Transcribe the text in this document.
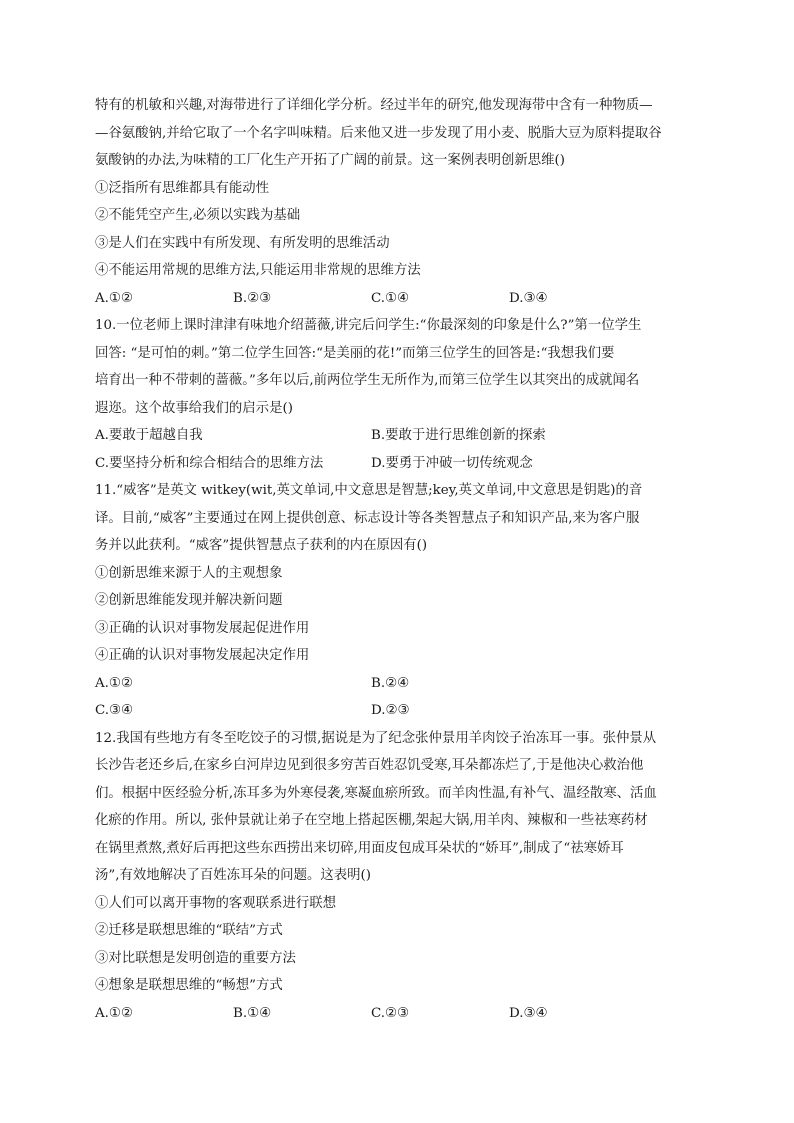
特有的机敏和兴趣,对海带进行了详细化学分析。经过半年的研究,他发现海带中含有一种物质—
—谷氨酸钠,并给它取了一个名字叫味精。后来他又进一步发现了用小麦、脱脂大豆为原料提取谷
氨酸钠的办法,为味精的工厂化生产开拓了广阔的前景。这一案例表明创新思维()
①泛指所有思维都具有能动性
②不能凭空产生,必须以实践为基础
③是人们在实践中有所发现、有所发明的思维活动
④不能运用常规的思维方法,只能运用非常规的思维方法
A.①②	B.②③	C.①④	D.③④
10.一位老师上课时津津有味地介绍蔷薇,讲完后问学生:“你最深刻的印象是什么?”第一位学生
回答: “是可怕的刺。”第二位学生回答:“是美丽的花!”而第三位学生的回答是:“我想我们要
培育出一种不带刺的蔷薇。”多年以后,前两位学生无所作为,而第三位学生以其突出的成就闻名
遐迩。这个故事给我们的启示是()
A.要敢于超越自我	B.要敢于进行思维创新的探索
C.要坚持分析和综合相结合的思维方法	D.要勇于冲破一切传统观念
11.“威客”是英文 witkey(wit,英文单词,中文意思是智慧;key,英文单词,中文意思是钥匙)的音
译。目前,“威客”主要通过在网上提供创意、标志设计等各类智慧点子和知识产品,来为客户服
务并以此获利。“威客”提供智慧点子获利的内在原因有()
①创新思维来源于人的主观想象
②创新思维能发现并解决新问题
③正确的认识对事物发展起促进作用
④正确的认识对事物发展起决定作用
A.①②	B.②④
C.③④	D.②③
12.我国有些地方有冬至吃饺子的习惯,据说是为了纪念张仲景用羊肉饺子治冻耳一事。张仲景从
长沙告老还乡后,在家乡白河岸边见到很多穷苦百姓忍饥受寒,耳朵都冻烂了,于是他决心救治他
们。根据中医经验分析,冻耳多为外寒侵袭,寒凝血瘀所致。而羊肉性温,有补气、温经散寒、活血
化瘀的作用。所以, 张仲景就让弟子在空地上搭起医棚,架起大锅,用羊肉、辣椒和一些祛寒药材
在锅里煮熬,煮好后再把这些东西捞出来切碎,用面皮包成耳朵状的“娇耳”,制成了“祛寒娇耳
汤”,有效地解决了百姓冻耳朵的问题。这表明()
①人们可以离开事物的客观联系进行联想
②迁移是联想思维的“联结”方式
③对比联想是发明创造的重要方法
④想象是联想思维的“畅想”方式
A.①②	B.①④	C.②③	D.③④
